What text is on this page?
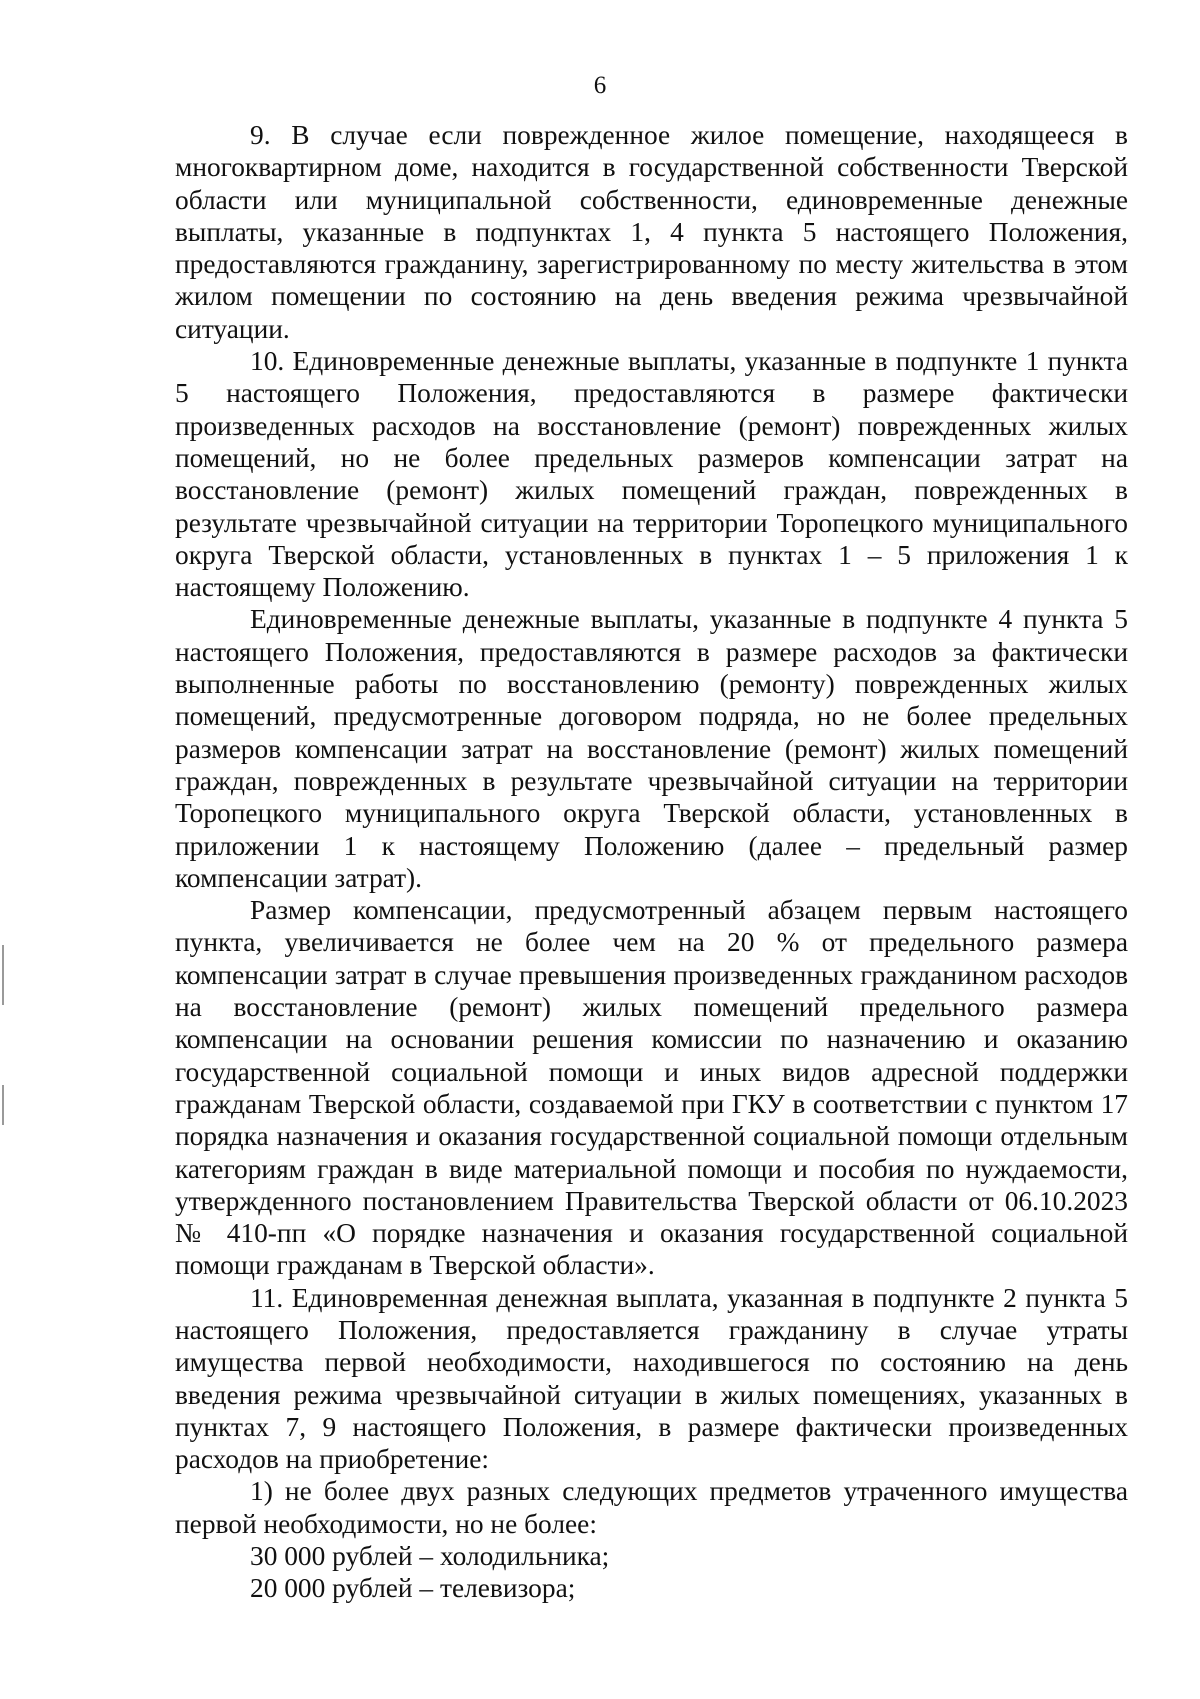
6

9. В случае если поврежденное жилое помещение, находящееся в многоквартирном доме, находится в государственной собственности Тверской области или муниципальной собственности, единовременные денежные выплаты, указанные в подпунктах 1, 4 пункта 5 настоящего Положения, предоставляются гражданину, зарегистрированному по месту жительства в этом жилом помещении по состоянию на день введения режима чрезвычайной ситуации.

10. Единовременные денежные выплаты, указанные в подпункте 1 пункта 5 настоящего Положения, предоставляются в размере фактически произведенных расходов на восстановление (ремонт) поврежденных жилых помещений, но не более предельных размеров компенсации затрат на восстановление (ремонт) жилых помещений граждан, поврежденных в результате чрезвычайной ситуации на территории Торопецкого муниципального округа Тверской области, установленных в пунктах 1 – 5 приложения 1 к настоящему Положению.

Единовременные денежные выплаты, указанные в подпункте 4 пункта 5 настоящего Положения, предоставляются в размере расходов за фактически выполненные работы по восстановлению (ремонту) поврежденных жилых помещений, предусмотренные договором подряда, но не более предельных размеров компенсации затрат на восстановление (ремонт) жилых помещений граждан, поврежденных в результате чрезвычайной ситуации на территории Торопецкого муниципального округа Тверской области, установленных в приложении 1 к настоящему Положению (далее – предельный размер компенсации затрат).

Размер компенсации, предусмотренный абзацем первым настоящего пункта, увеличивается не более чем на 20 % от предельного размера компенсации затрат в случае превышения произведенных гражданином расходов на восстановление (ремонт) жилых помещений предельного размера компенсации на основании решения комиссии по назначению и оказанию государственной социальной помощи и иных видов адресной поддержки гражданам Тверской области, создаваемой при ГКУ в соответствии с пунктом 17 порядка назначения и оказания государственной социальной помощи отдельным категориям граждан в виде материальной помощи и пособия по нуждаемости, утвержденного постановлением Правительства Тверской области от 06.10.2023 № 410-пп «О порядке назначения и оказания государственной социальной помощи гражданам в Тверской области».

11. Единовременная денежная выплата, указанная в подпункте 2 пункта 5 настоящего Положения, предоставляется гражданину в случае утраты имущества первой необходимости, находившегося по состоянию на день введения режима чрезвычайной ситуации в жилых помещениях, указанных в пунктах 7, 9 настоящего Положения, в размере фактически произведенных расходов на приобретение:

1) не более двух разных следующих предметов утраченного имущества первой необходимости, но не более:

30 000 рублей – холодильника;

20 000 рублей – телевизора;
